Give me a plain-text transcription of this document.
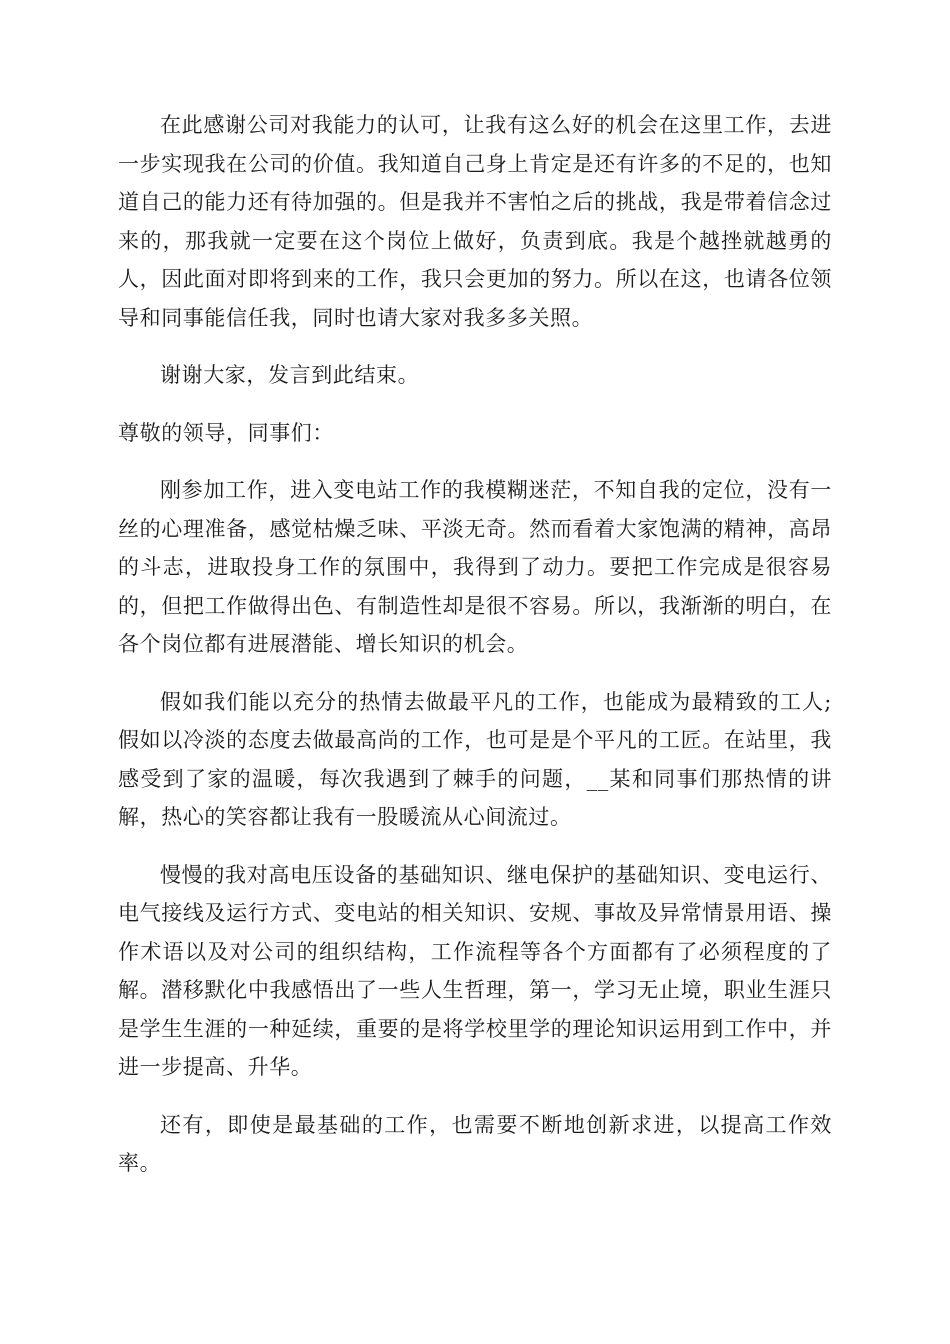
在此感谢公司对我能力的认可，让我有这么好的机会在这里工作，去进一步实现我在公司的价值。我知道自己身上肯定是还有许多的不足的，也知道自己的能力还有待加强的。但是我并不害怕之后的挑战，我是带着信念过来的，那我就一定要在这个岗位上做好，负责到底。我是个越挫就越勇的人，因此面对即将到来的工作，我只会更加的努力。所以在这，也请各位领导和同事能信任我，同时也请大家对我多多关照。

谢谢大家，发言到此结束。

尊敬的领导，同事们：

刚参加工作，进入变电站工作的我模糊迷茫，不知自我的定位，没有一丝的心理准备，感觉枯燥乏味、平淡无奇。然而看着大家饱满的精神，高昂的斗志，进取投身工作的氛围中，我得到了动力。要把工作完成是很容易的，但把工作做得出色、有制造性却是很不容易。所以，我渐渐的明白，在各个岗位都有进展潜能、增长知识的机会。

假如我们能以充分的热情去做最平凡的工作，也能成为最精致的工人;假如以冷淡的态度去做最高尚的工作，也可是是个平凡的工匠。在站里，我感受到了家的温暖，每次我遇到了棘手的问题，__某和同事们那热情的讲解，热心的笑容都让我有一股暖流从心间流过。

慢慢的我对高电压设备的基础知识、继电保护的基础知识、变电运行、电气接线及运行方式、变电站的相关知识、安规、事故及异常情景用语、操作术语以及对公司的组织结构，工作流程等各个方面都有了必须程度的了解。潜移默化中我感悟出了一些人生哲理，第一，学习无止境，职业生涯只是学生生涯的一种延续，重要的是将学校里学的理论知识运用到工作中，并进一步提高、升华。

还有，即使是最基础的工作，也需要不断地创新求进，以提高工作效率。
